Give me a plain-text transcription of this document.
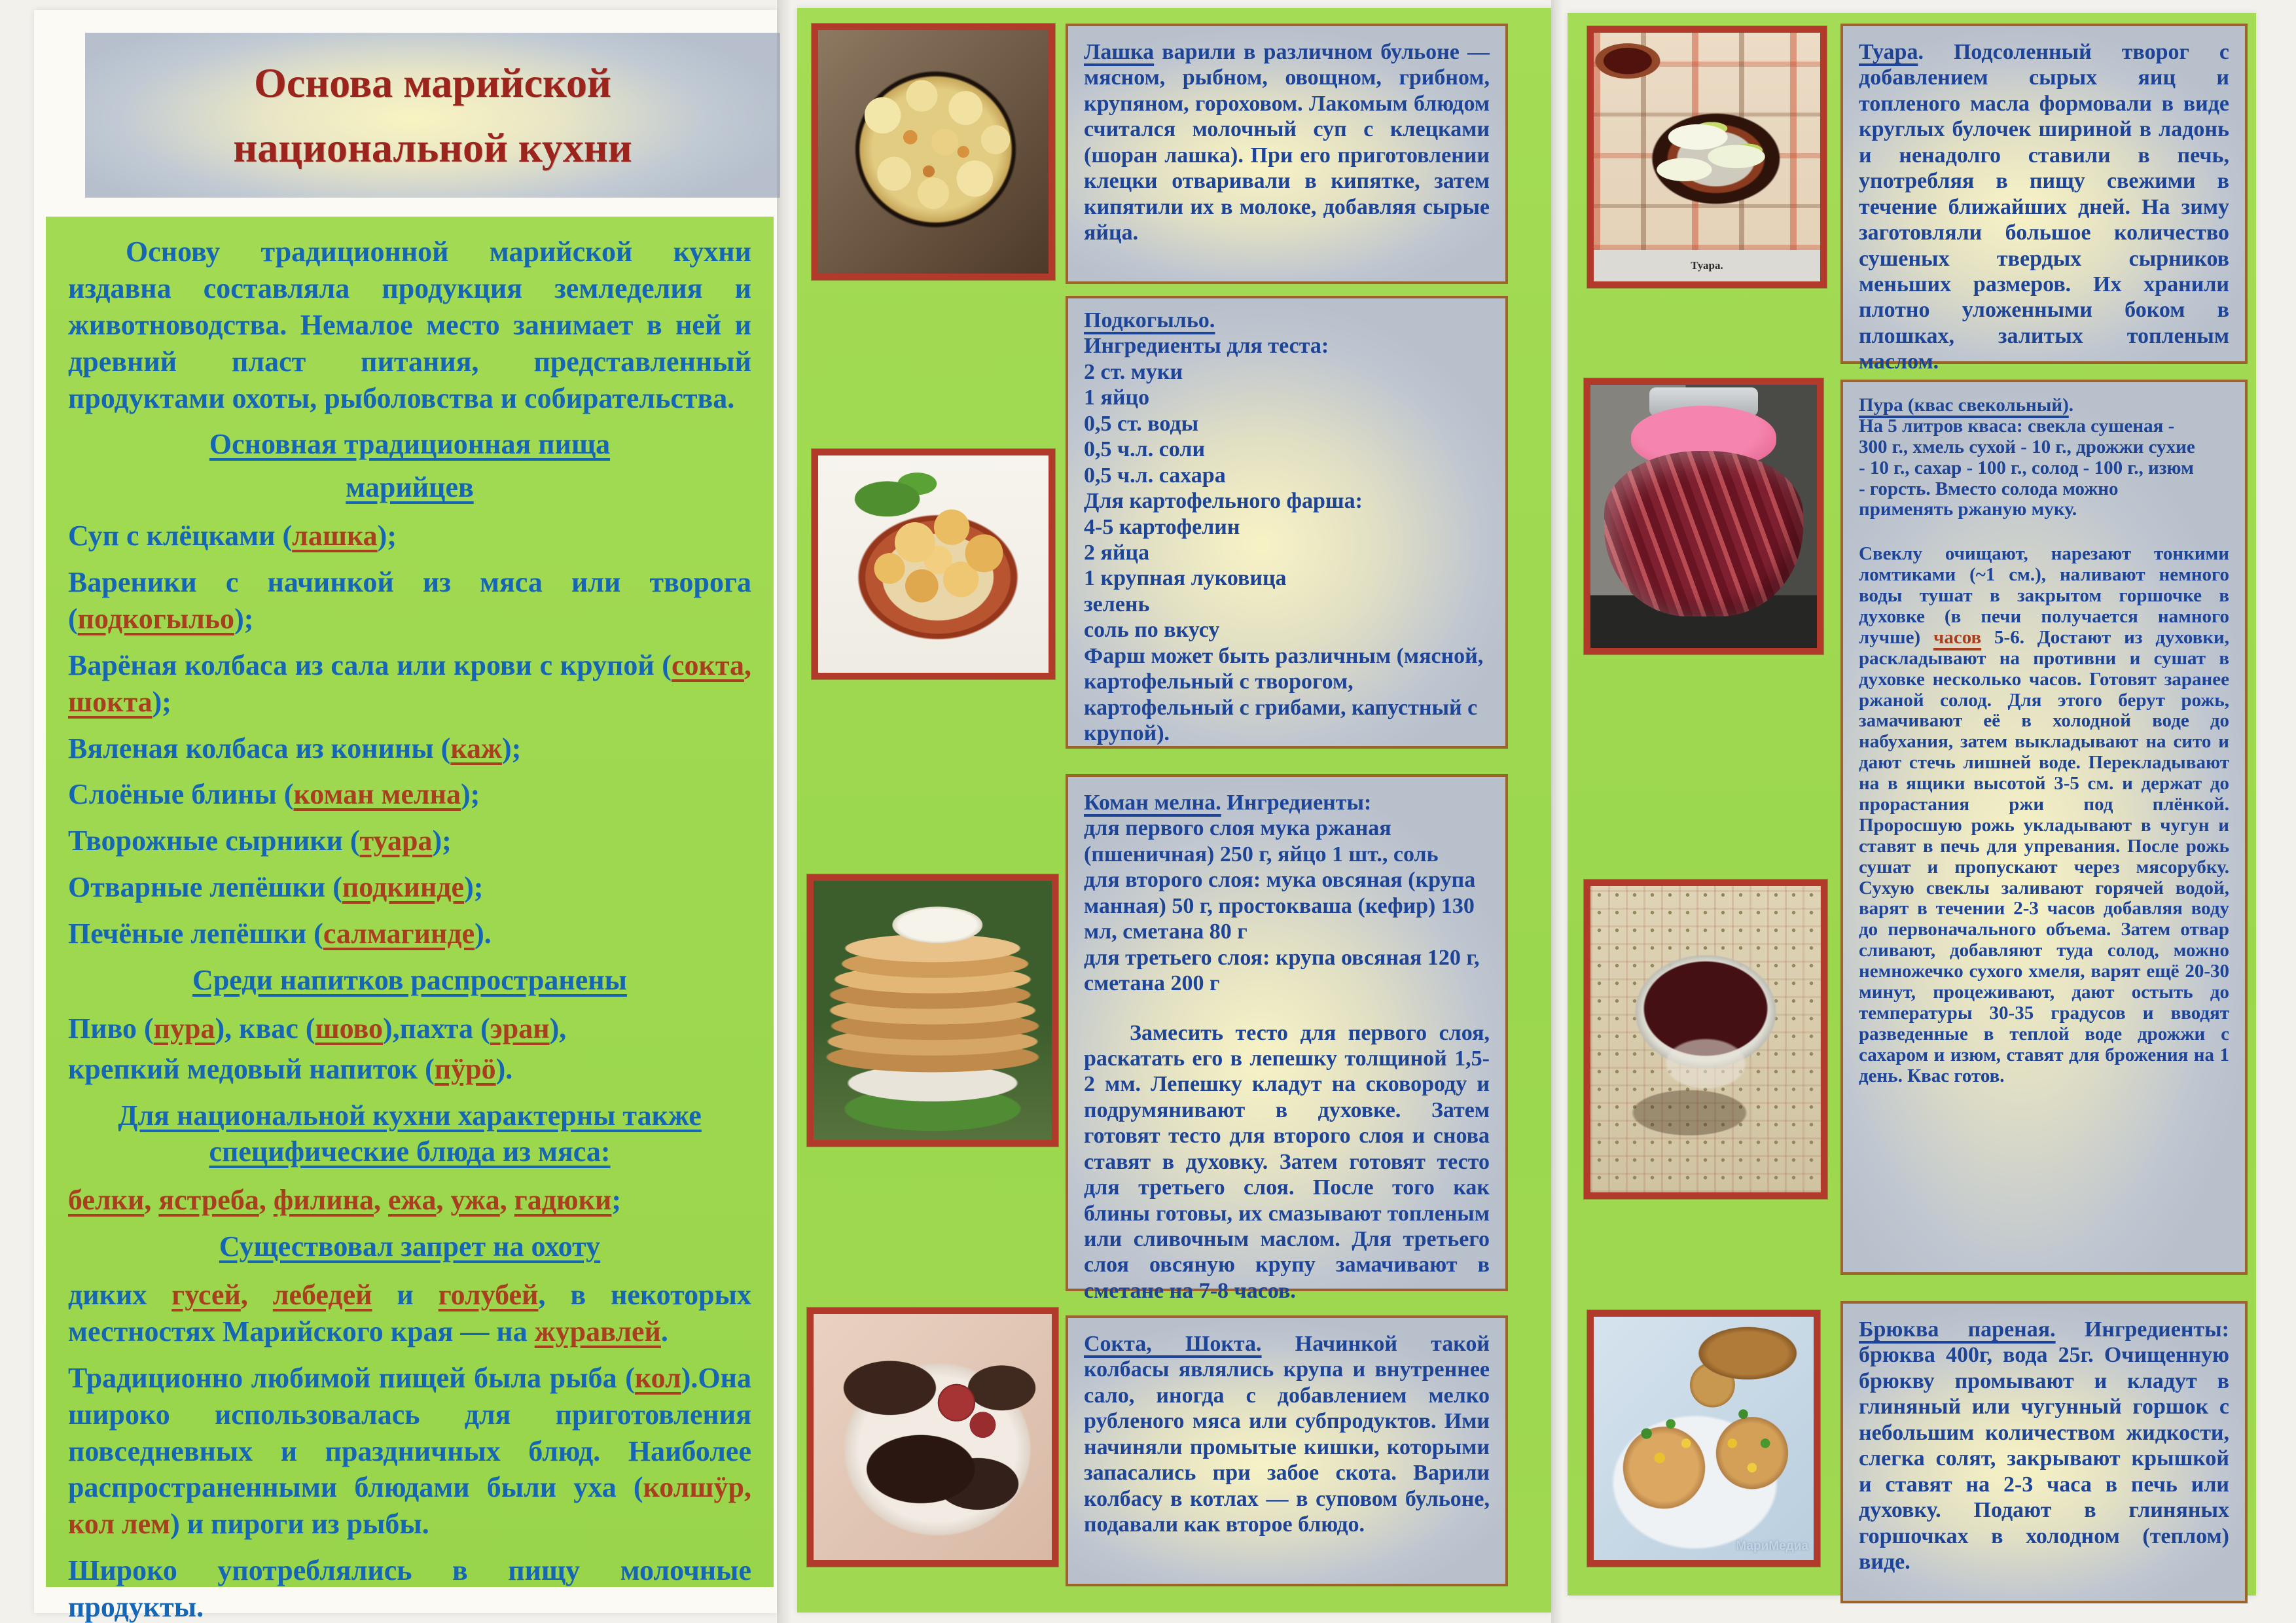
Основа марийской
национальной кухни

Основу традиционной марийской кухни издавна составляла продукция земледелия и животноводства. Немалое место занимает в ней и древний пласт питания, представленный продуктами охоты, рыболовства и собирательства.

Основная традиционная пища

марийцев

Суп с клёцками (лашка);

Вареники с начинкой из мяса или творога (подкогыльо);

Варёная колбаса из сала или крови с крупой (сокта, шокта);

Вяленая колбаса из конины (каж);

Слоёные блины (коман мелна);

Творожные сырники (туара);

Отварные лепёшки (подкинде);

Печёные лепёшки (салмагинде).

Среди напитков распространены

Пиво (пура), квас (шово),пахта (эран),

крепкий медовый напиток (пӱрӧ).

Для национальной кухни характерны также специфические блюда из мяса:

белки, ястреба, филина, ежа, ужа, гадюки;

Существовал запрет на охоту

диких гусей, лебедей и голубей, в некоторых местностях Марийского края — на журавлей.

Традиционно любимой пищей была рыба (кол).Она широко использовалась для приготовления повседневных и праздничных блюд. Наиболее распространенными блюдами были уха (колшӱр, кол лем) и пироги из рыбы.

Широко употреблялись в пищу молочные продукты.

Лашка варили в различном бульоне — мясном, рыбном, овощном, грибном, крупяном, гороховом. Лакомым блюдом считался молочный суп с клецками (шоран лашка). При его приготовлении клецки отваривали в кипятке, затем кипятили их в молоке, добавляя сырые яйца.

Подкогыльо.
Ингредиенты для теста:
2 ст. муки
1 яйцо
0,5 ст. воды
0,5 ч.л. соли
0,5 ч.л. сахара
Для картофельного фарша:
4-5 картофелин
2 яйца
1 крупная луковица
зелень
соль по вкусу
Фарш может быть различным (мясной,
картофельный с творогом,
картофельный с грибами, капустный с
крупой).

Коман мелна. Ингредиенты:

для первого слоя мука ржаная
(пшеничная) 250 г, яйцо 1 шт., соль
для второго слоя: мука овсяная (крупа
манная) 50 г, простокваша (кефир) 130
мл, сметана 80 г
для третьего слоя: крупа овсяная 120 г,
сметана 200 г

Замесить тесто для первого слоя, раскатать его в лепешку толщиной 1,5-2 мм. Лепешку кладут на сковороду и подрумянивают в духовке. Затем готовят тесто для второго слоя и снова ставят в духовку. Затем готовят тесто для третьего слоя. После того как блины готовы, их смазывают топленым или сливочным маслом. Для третьего слоя овсяную крупу замачивают в сметане на 7-8 часов.

Сокта, Шокта. Начинкой такой колбасы являлись крупа и внутреннее сало, иногда с добавлением мелко рубленого мяса или субпродуктов. Ими начиняли промытые кишки, которыми запасались при забое скота. Варили колбасу в котлах — в суповом бульоне, подавали как второе блюдо.

Туара.

Туара. Подсоленный творог с добавлением сырых яиц и топленого масла формовали в виде круглых булочек шириной в ладонь и ненадолго ставили в печь, употребляя в пищу свежими в течение ближайших дней. На зиму заготовляли большое количество сушеных твердых сырников меньших размеров. Их хранили плотно уложенными боком в плошках, залитых топленым маслом.

Пура (квас свекольный).

На 5 литров кваса: свекла сушеная -
300 г., хмель сухой - 10 г., дрожжи сухие
- 10 г., сахар - 100 г., солод - 100 г., изюм
- горсть. Вместо солода можно
применять ржаную муку.

Свеклу очищают, нарезают тонкими ломтиками (~1 см.), наливают немного воды тушат в закрытом горшочке в духовке (в печи получается намного лучше) часов 5-6. Достают из духовки, раскладывают на противни и сушат в духовке несколько часов. Готовят заранее ржаной солод. Для этого берут рожь, замачивают её в холодной воде до набухания, затем выкладывают на сито и дают стечь лишней воде. Перекладывают на в ящики высотой 3-5 см. и держат до прорастания ржи под плёнкой. Проросшую рожь укладывают в чугун и ставят в печь для упревания. После рожь сушат и пропускают через мясорубку. Сухую свеклы заливают горячей водой, варят в течении 2-3 часов добавляя воду до первоначального объема. Затем отвар сливают, добавляют туда солод, можно немножечко сухого хмеля, варят ещё 20-30 минут, процеживают, дают остыть до температуры 30-35 градусов и вводят разведенные в теплой воде дрожжи с сахаром и изюм, ставят для брожения на 1 день. Квас готов.

Брюква пареная. Ингредиенты: брюква 400г, вода 25г. Очищенную брюкву промывают и кладут в глиняный или чугунный горшок с небольшим количеством жидкости, слегка солят, закрывают крышкой и ставят на 2-3 часа в печь или духовку. Подают в глиняных горшочках в холодном (теплом) виде.

МариМедиа
